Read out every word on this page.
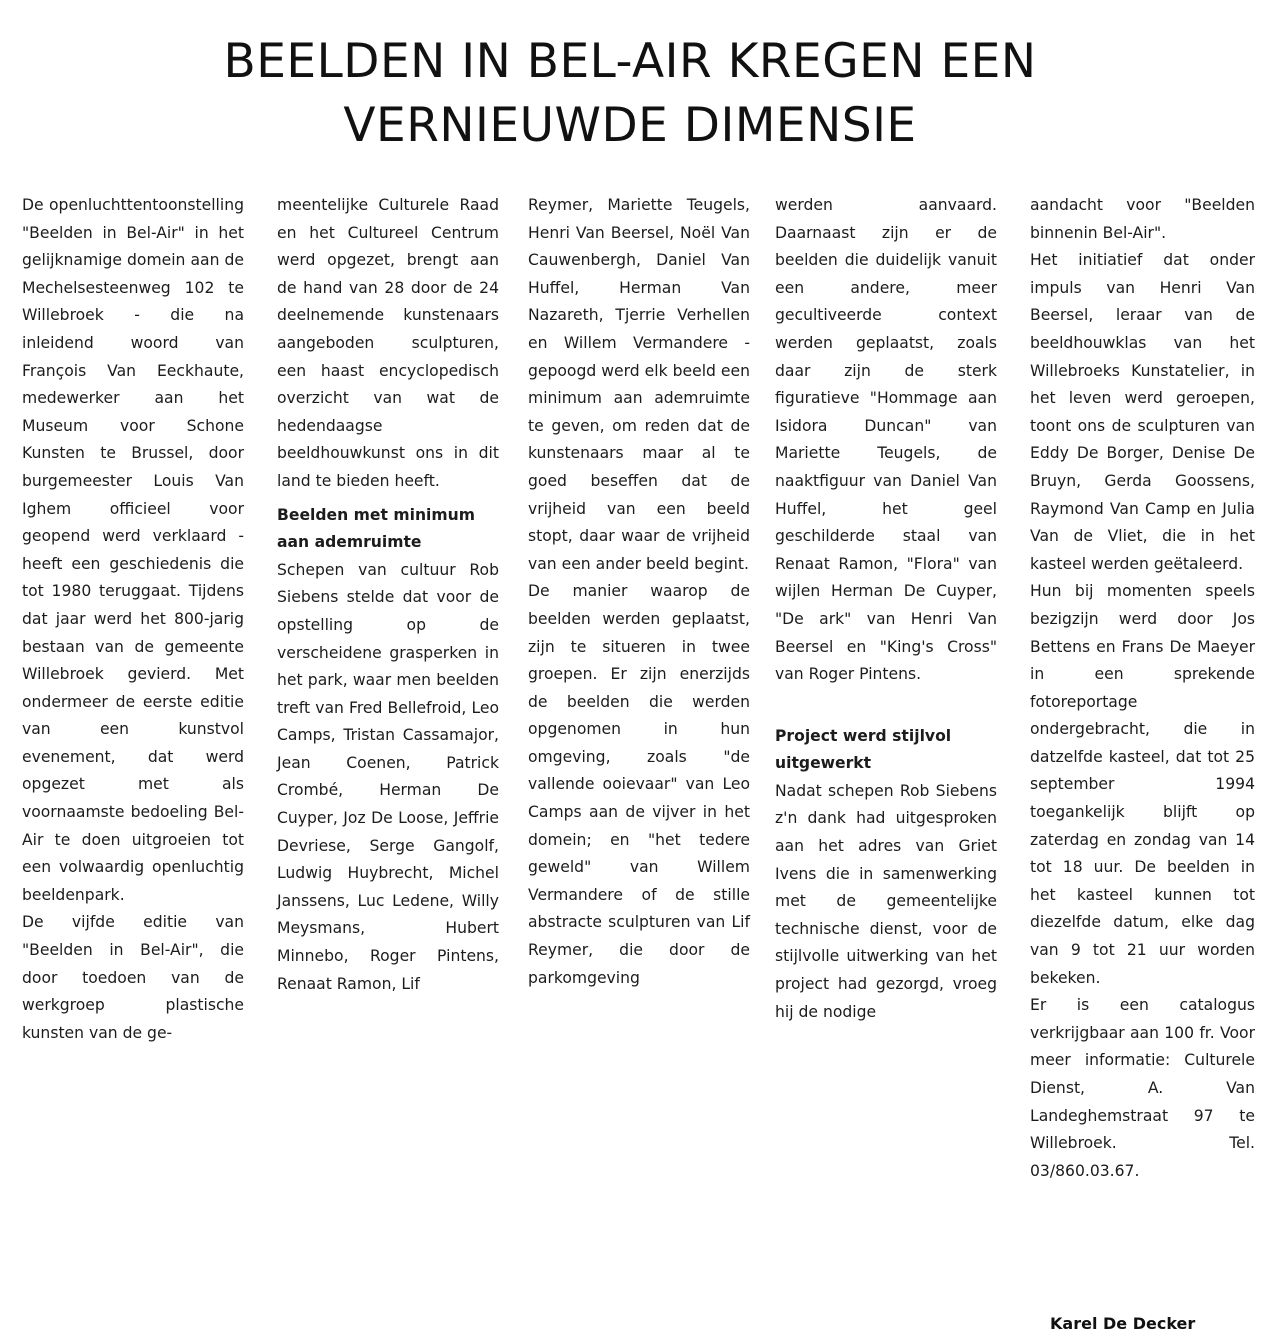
BEELDEN IN BEL-AIR KREGEN EEN
VERNIEUWDE DIMENSIE

De openluchttentoonstelling "Beelden in Bel-Air" in het gelijknamige domein aan de Mechelsesteenweg 102 te Willebroek - die na inleidend woord van François Van Eeckhaute, medewerker aan het Museum voor Schone Kunsten te Brussel, door burgemeester Louis Van Ighem officieel voor geopend werd verklaard - heeft een geschiedenis die tot 1980 teruggaat. Tijdens dat jaar werd het 800-jarig bestaan van de gemeente Willebroek gevierd. Met ondermeer de eerste editie van een kunstvol evenement, dat werd opgezet met als voornaamste bedoeling Bel-Air te doen uitgroeien tot een volwaardig openluchtig beeldenpark.

De vijfde editie van "Beelden in Bel-Air", die door toedoen van de werkgroep plastische kunsten van de ge-

meentelijke Culturele Raad en het Cultureel Centrum werd opgezet, brengt aan de hand van 28 door de 24 deelnemende kunstenaars aangeboden sculpturen, een haast encyclopedisch overzicht van wat de hedendaagse beeldhouwkunst ons in dit land te bieden heeft.

Beelden met minimum aan ademruimte

Schepen van cultuur Rob Siebens stelde dat voor de opstelling op de verscheidene grasperken in het park, waar men beelden treft van Fred Bellefroid, Leo Camps, Tristan Cassamajor, Jean Coenen, Patrick Crombé, Herman De Cuyper, Joz De Loose, Jeffrie Devriese, Serge Gangolf, Ludwig Huybrecht, Michel Janssens, Luc Ledene, Willy Meysmans, Hubert Minnebo, Roger Pintens, Renaat Ramon, Lif

Reymer, Mariette Teugels, Henri Van Beersel, Noël Van Cauwenbergh, Daniel Van Huffel, Herman Van Nazareth, Tjerrie Verhellen en Willem Vermandere - gepoogd werd elk beeld een minimum aan ademruimte te geven, om reden dat de kunstenaars maar al te goed beseffen dat de vrijheid van een beeld stopt, daar waar de vrijheid van een ander beeld begint.

De manier waarop de beelden werden geplaatst, zijn te situeren in twee groepen. Er zijn enerzijds de beelden die werden opgenomen in hun omgeving, zoals "de vallende ooievaar" van Leo Camps aan de vijver in het domein; en "het tedere geweld" van Willem Vermandere of de stille abstracte sculpturen van Lif Reymer, die door de parkomgeving

werden aanvaard. Daarnaast zijn er de beelden die duidelijk vanuit een andere, meer gecultiveerde context werden geplaatst, zoals daar zijn de sterk figuratieve "Hommage aan Isidora Duncan" van Mariette Teugels, de naaktfiguur van Daniel Van Huffel, het geel geschilderde staal van Renaat Ramon, "Flora" van wijlen Herman De Cuyper, "De ark" van Henri Van Beersel en "King's Cross" van Roger Pintens.

Project werd stijlvol uitgewerkt

Nadat schepen Rob Siebens z'n dank had uitgesproken aan het adres van Griet Ivens die in samenwerking met de gemeentelijke technische dienst, voor de stijlvolle uitwerking van het project had gezorgd, vroeg hij de nodige

aandacht voor "Beelden binnenin Bel-Air".

Het initiatief dat onder impuls van Henri Van Beersel, leraar van de beeldhouwklas van het Willebroeks Kunstatelier, in het leven werd geroepen, toont ons de sculpturen van Eddy De Borger, Denise De Bruyn, Gerda Goossens, Raymond Van Camp en Julia Van de Vliet, die in het kasteel werden geëtaleerd.

Hun bij momenten speels bezigzijn werd door Jos Bettens en Frans De Maeyer in een sprekende fotoreportage ondergebracht, die in datzelfde kasteel, dat tot 25 september 1994 toegankelijk blijft op zaterdag en zondag van 14 tot 18 uur. De beelden in het kasteel kunnen tot diezelfde datum, elke dag van 9 tot 21 uur worden bekeken.

Er is een catalogus verkrijgbaar aan 100 fr. Voor meer informatie: Culturele Dienst, A. Van Landeghemstraat 97 te Willebroek. Tel. 03/860.03.67.

Karel De Decker
